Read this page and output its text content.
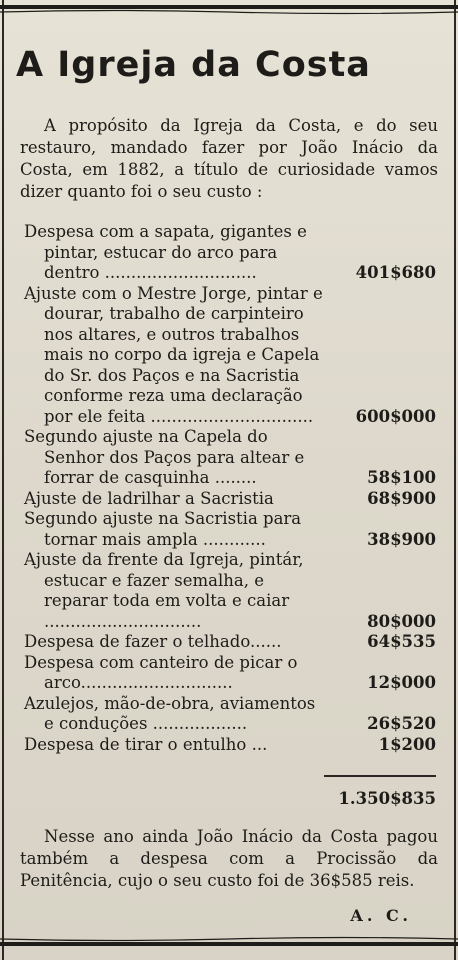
A Igreja da Costa

A propósito da Igreja da Costa, e do seu restauro, mandado fazer por João Inácio da Costa, em 1882, a título de curiosidade vamos dizer quanto foi o seu custo :

Despesa com a sapata, gigantes e pintar, estucar do arco para dentro .............................	401$680
Ajuste com o Mestre Jorge, pintar e dourar, trabalho de carpinteiro nos altares, e outros trabalhos mais no corpo da igreja e Capela do Sr. dos Paços e na Sacristia conforme reza uma declaração por ele feita ...............................	600$000
Segundo ajuste na Capela do Senhor dos Paços para altear e forrar de casquinha ........	58$100
Ajuste de ladrilhar a Sacristia	68$900
Segundo ajuste na Sacristia para tornar mais ampla ............	38$900
Ajuste da frente da Igreja, pintár, estucar e fazer semalha, e reparar toda em volta e caiar ..............................	80$000
Despesa de fazer o telhado......	64$535
Despesa com canteiro de picar o arco.............................	12$000
Azulejos, mão-de-obra, aviamentos e conduções ..................	26$520
Despesa de tirar o entulho ...	1$200
1.350$835

Nesse ano ainda João Inácio da Costa pagou também a despesa com a Procissão da Penitência, cujo o seu custo foi de 36$585 reis.

A. C.
